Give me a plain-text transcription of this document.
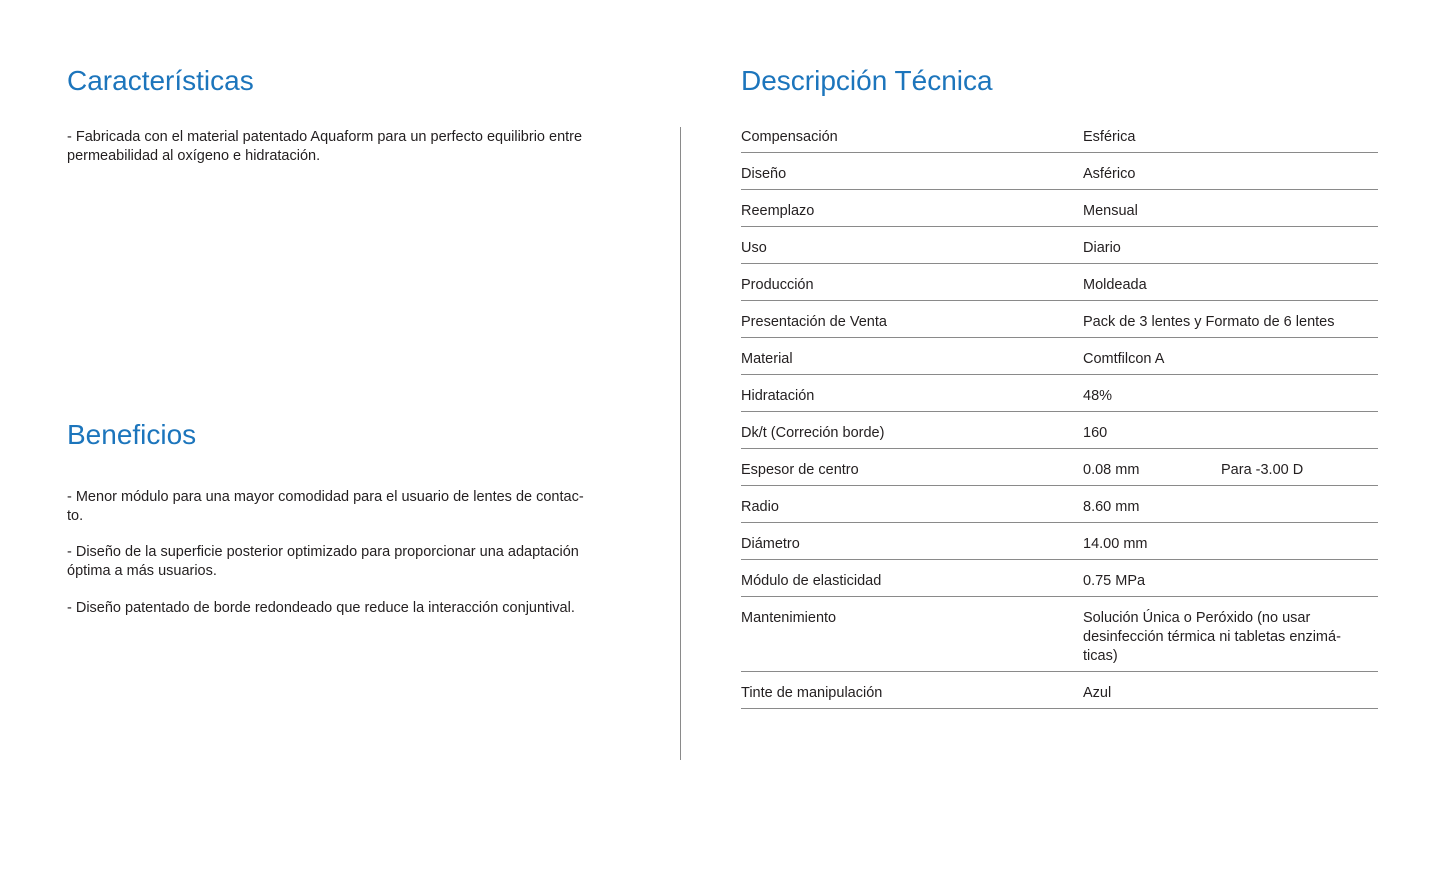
Características

- Fabricada con el material patentado Aquaform para un perfecto equilibrio entre permeabilidad al oxígeno e hidratación.

Beneficios

- Menor módulo para una mayor comodidad para el usuario de lentes de contac-to.

- Diseño de la superficie posterior optimizado para proporcionar una adaptación óptima a más usuarios.

- Diseño patentado de borde redondeado que reduce la interacción conjuntival.

Descripción Técnica
Compensación	Esférica
Diseño	Asférico
Reemplazo	Mensual
Uso	Diario
Producción	Moldeada
Presentación de Venta	Pack de 3 lentes y Formato de 6 lentes
Material	Comtfilcon A
Hidratación	48%
Dk/t (Correción borde)	160
Espesor de centro	0.08 mm	Para -3.00 D
Radio	8.60 mm
Diámetro	14.00 mm
Módulo de elasticidad	0.75 MPa
Mantenimiento	Solución Única o Peróxido (no usar desinfección térmica ni tabletas enzimá-ticas)
Tinte de manipulación	Azul
